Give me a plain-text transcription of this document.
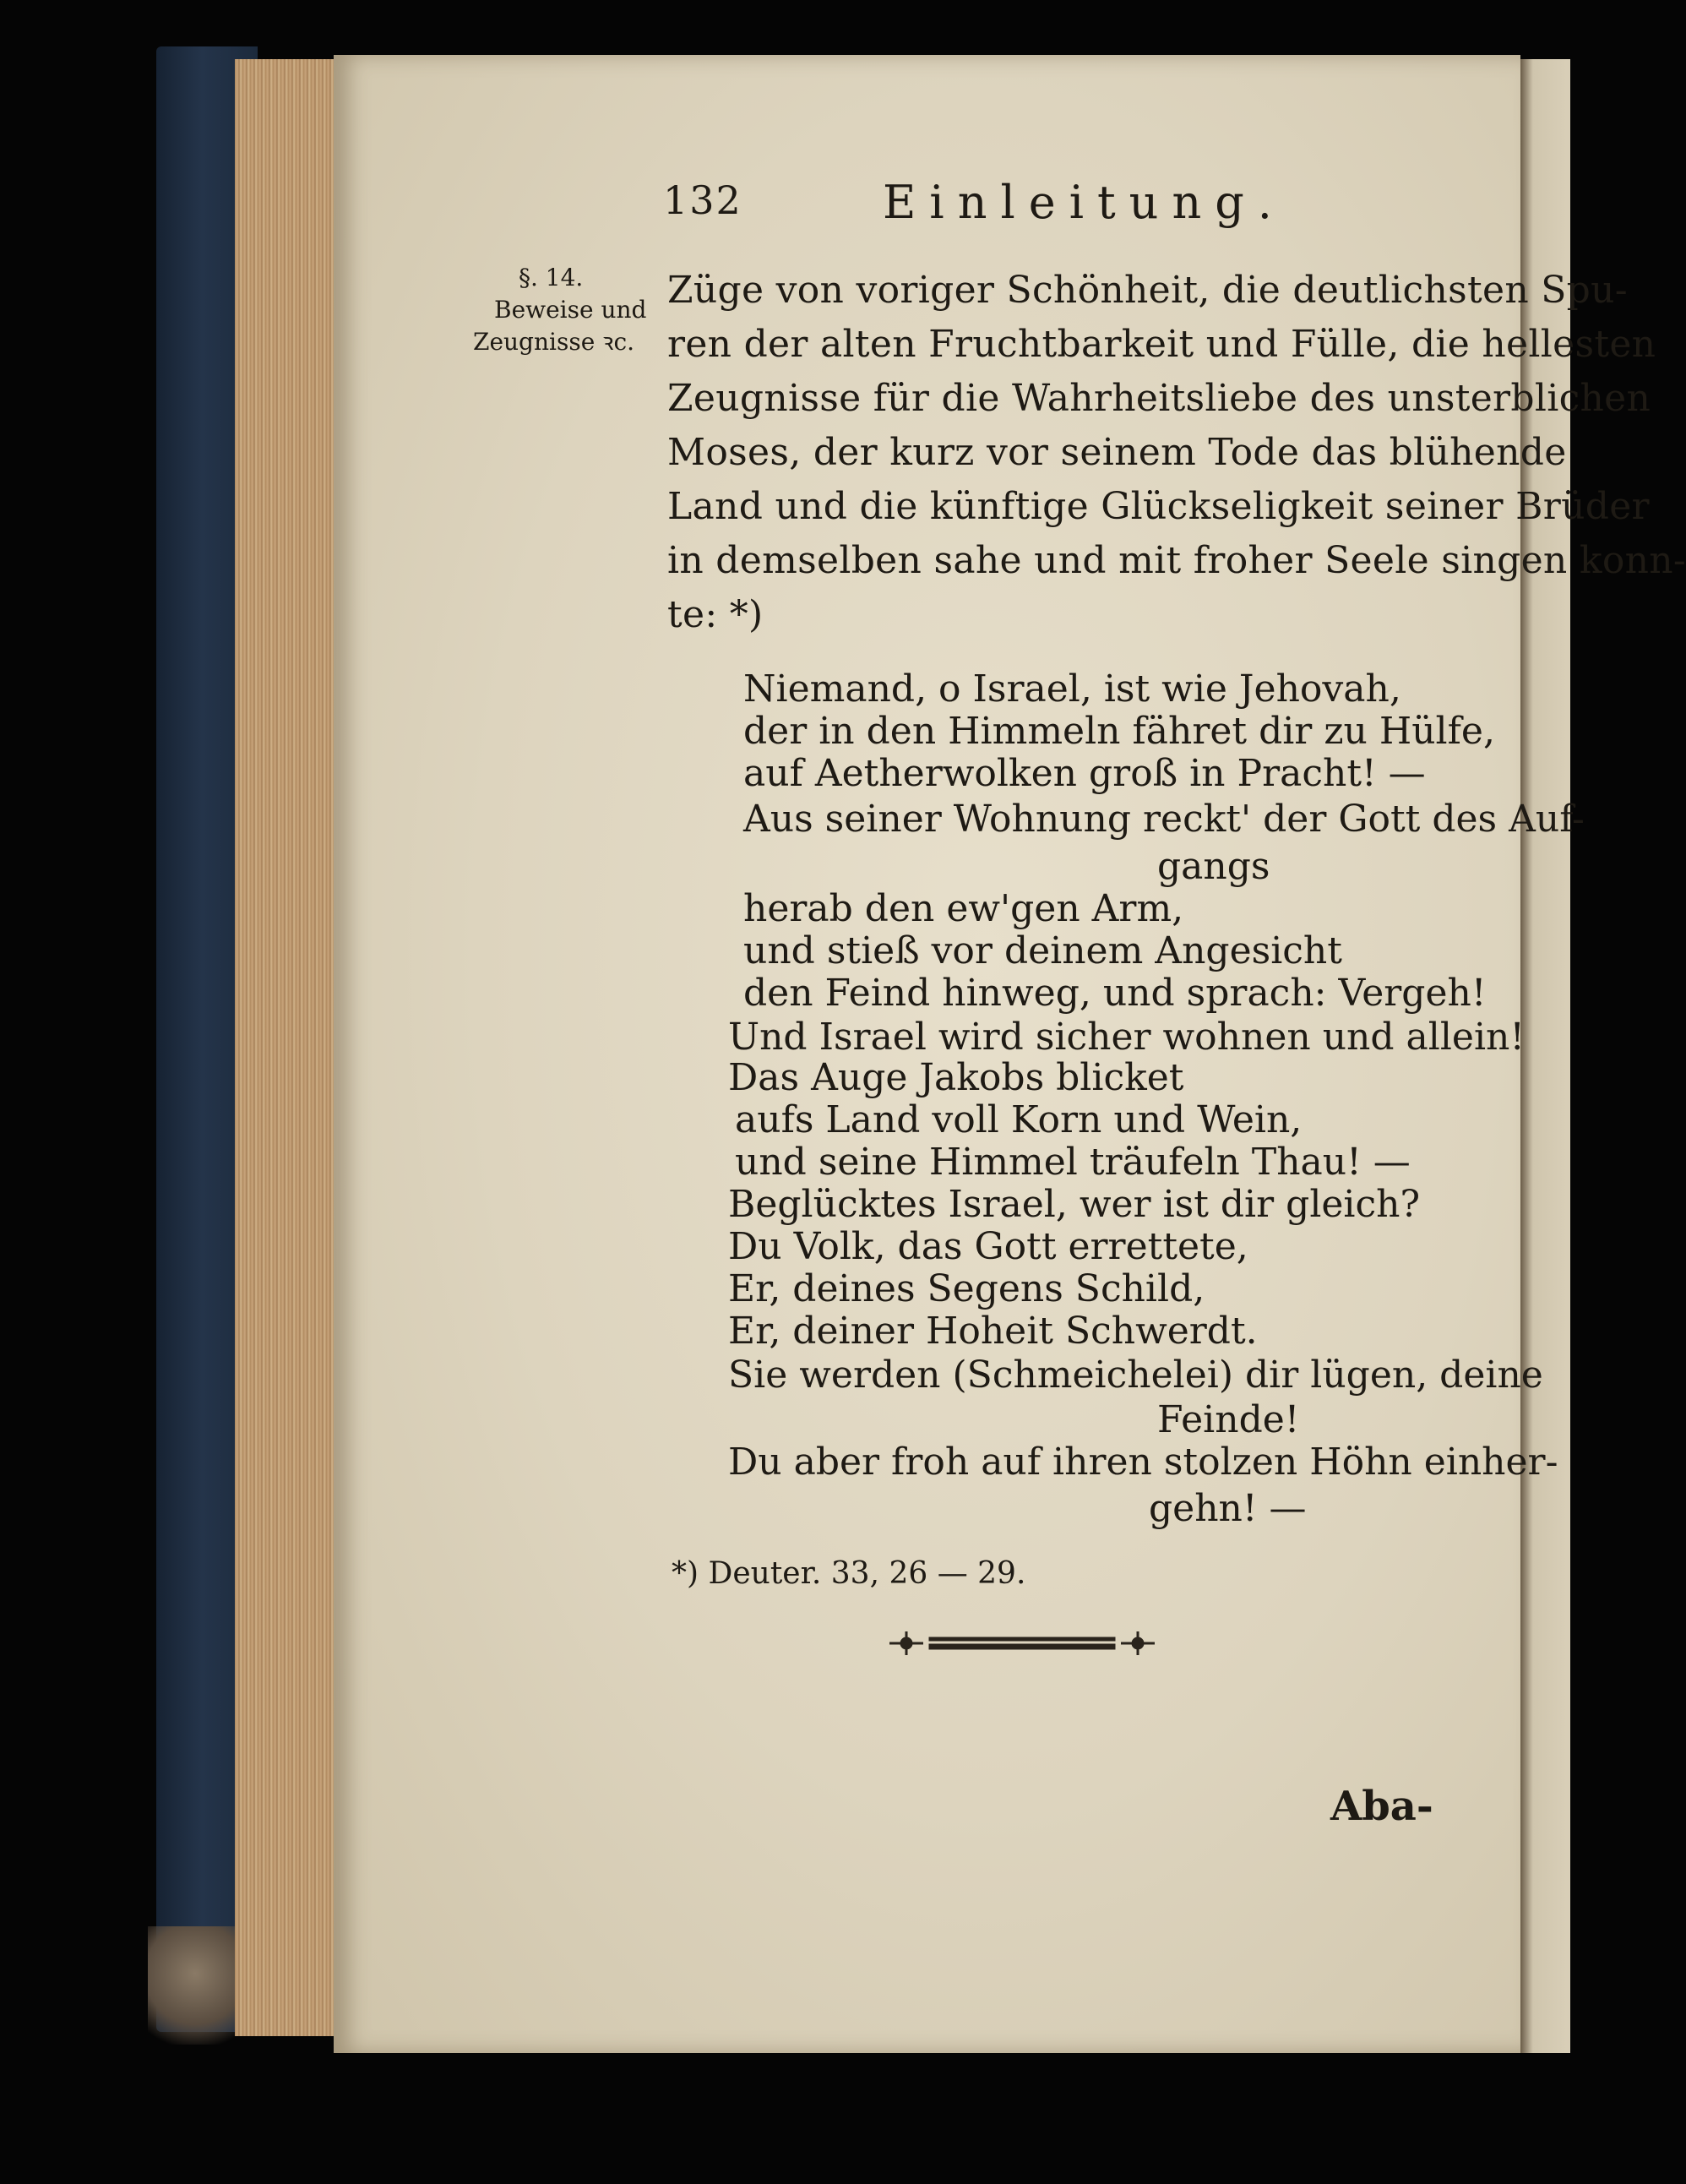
132	Einleitung.
§. 14.
Beweise und
Zeugnisse ꝛc.
Züge von voriger Schönheit, die deutlichsten Spu-
ren der alten Fruchtbarkeit und Fülle, die hellesten
Zeugnisse für die Wahrheitsliebe des unsterblichen
Moses, der kurz vor seinem Tode das blühende
Land und die künftige Glückseligkeit seiner Brüder
in demselben sahe und mit froher Seele singen konn-
te: *)
Niemand, o Israel, ist wie Jehovah,
der in den Himmeln fähret dir zu Hülfe,
auf Aetherwolken groß in Pracht! —
Aus seiner Wohnung reckt' der Gott des Auf-
gangs
herab den ew'gen Arm,
und stieß vor deinem Angesicht
den Feind hinweg, und sprach: Vergeh!
Und Israel wird sicher wohnen und allein!
Das Auge Jakobs blicket
aufs Land voll Korn und Wein,
und seine Himmel träufeln Thau! —
Beglücktes Israel, wer ist dir gleich?
Du Volk, das Gott errettete,
Er, deines Segens Schild,
Er, deiner Hoheit Schwerdt.
Sie werden (Schmeichelei) dir lügen, deine
Feinde!
Du aber froh auf ihren stolzen Höhn einher-
gehn! —
*) Deuter. 33, 26 — 29.
Aba-
